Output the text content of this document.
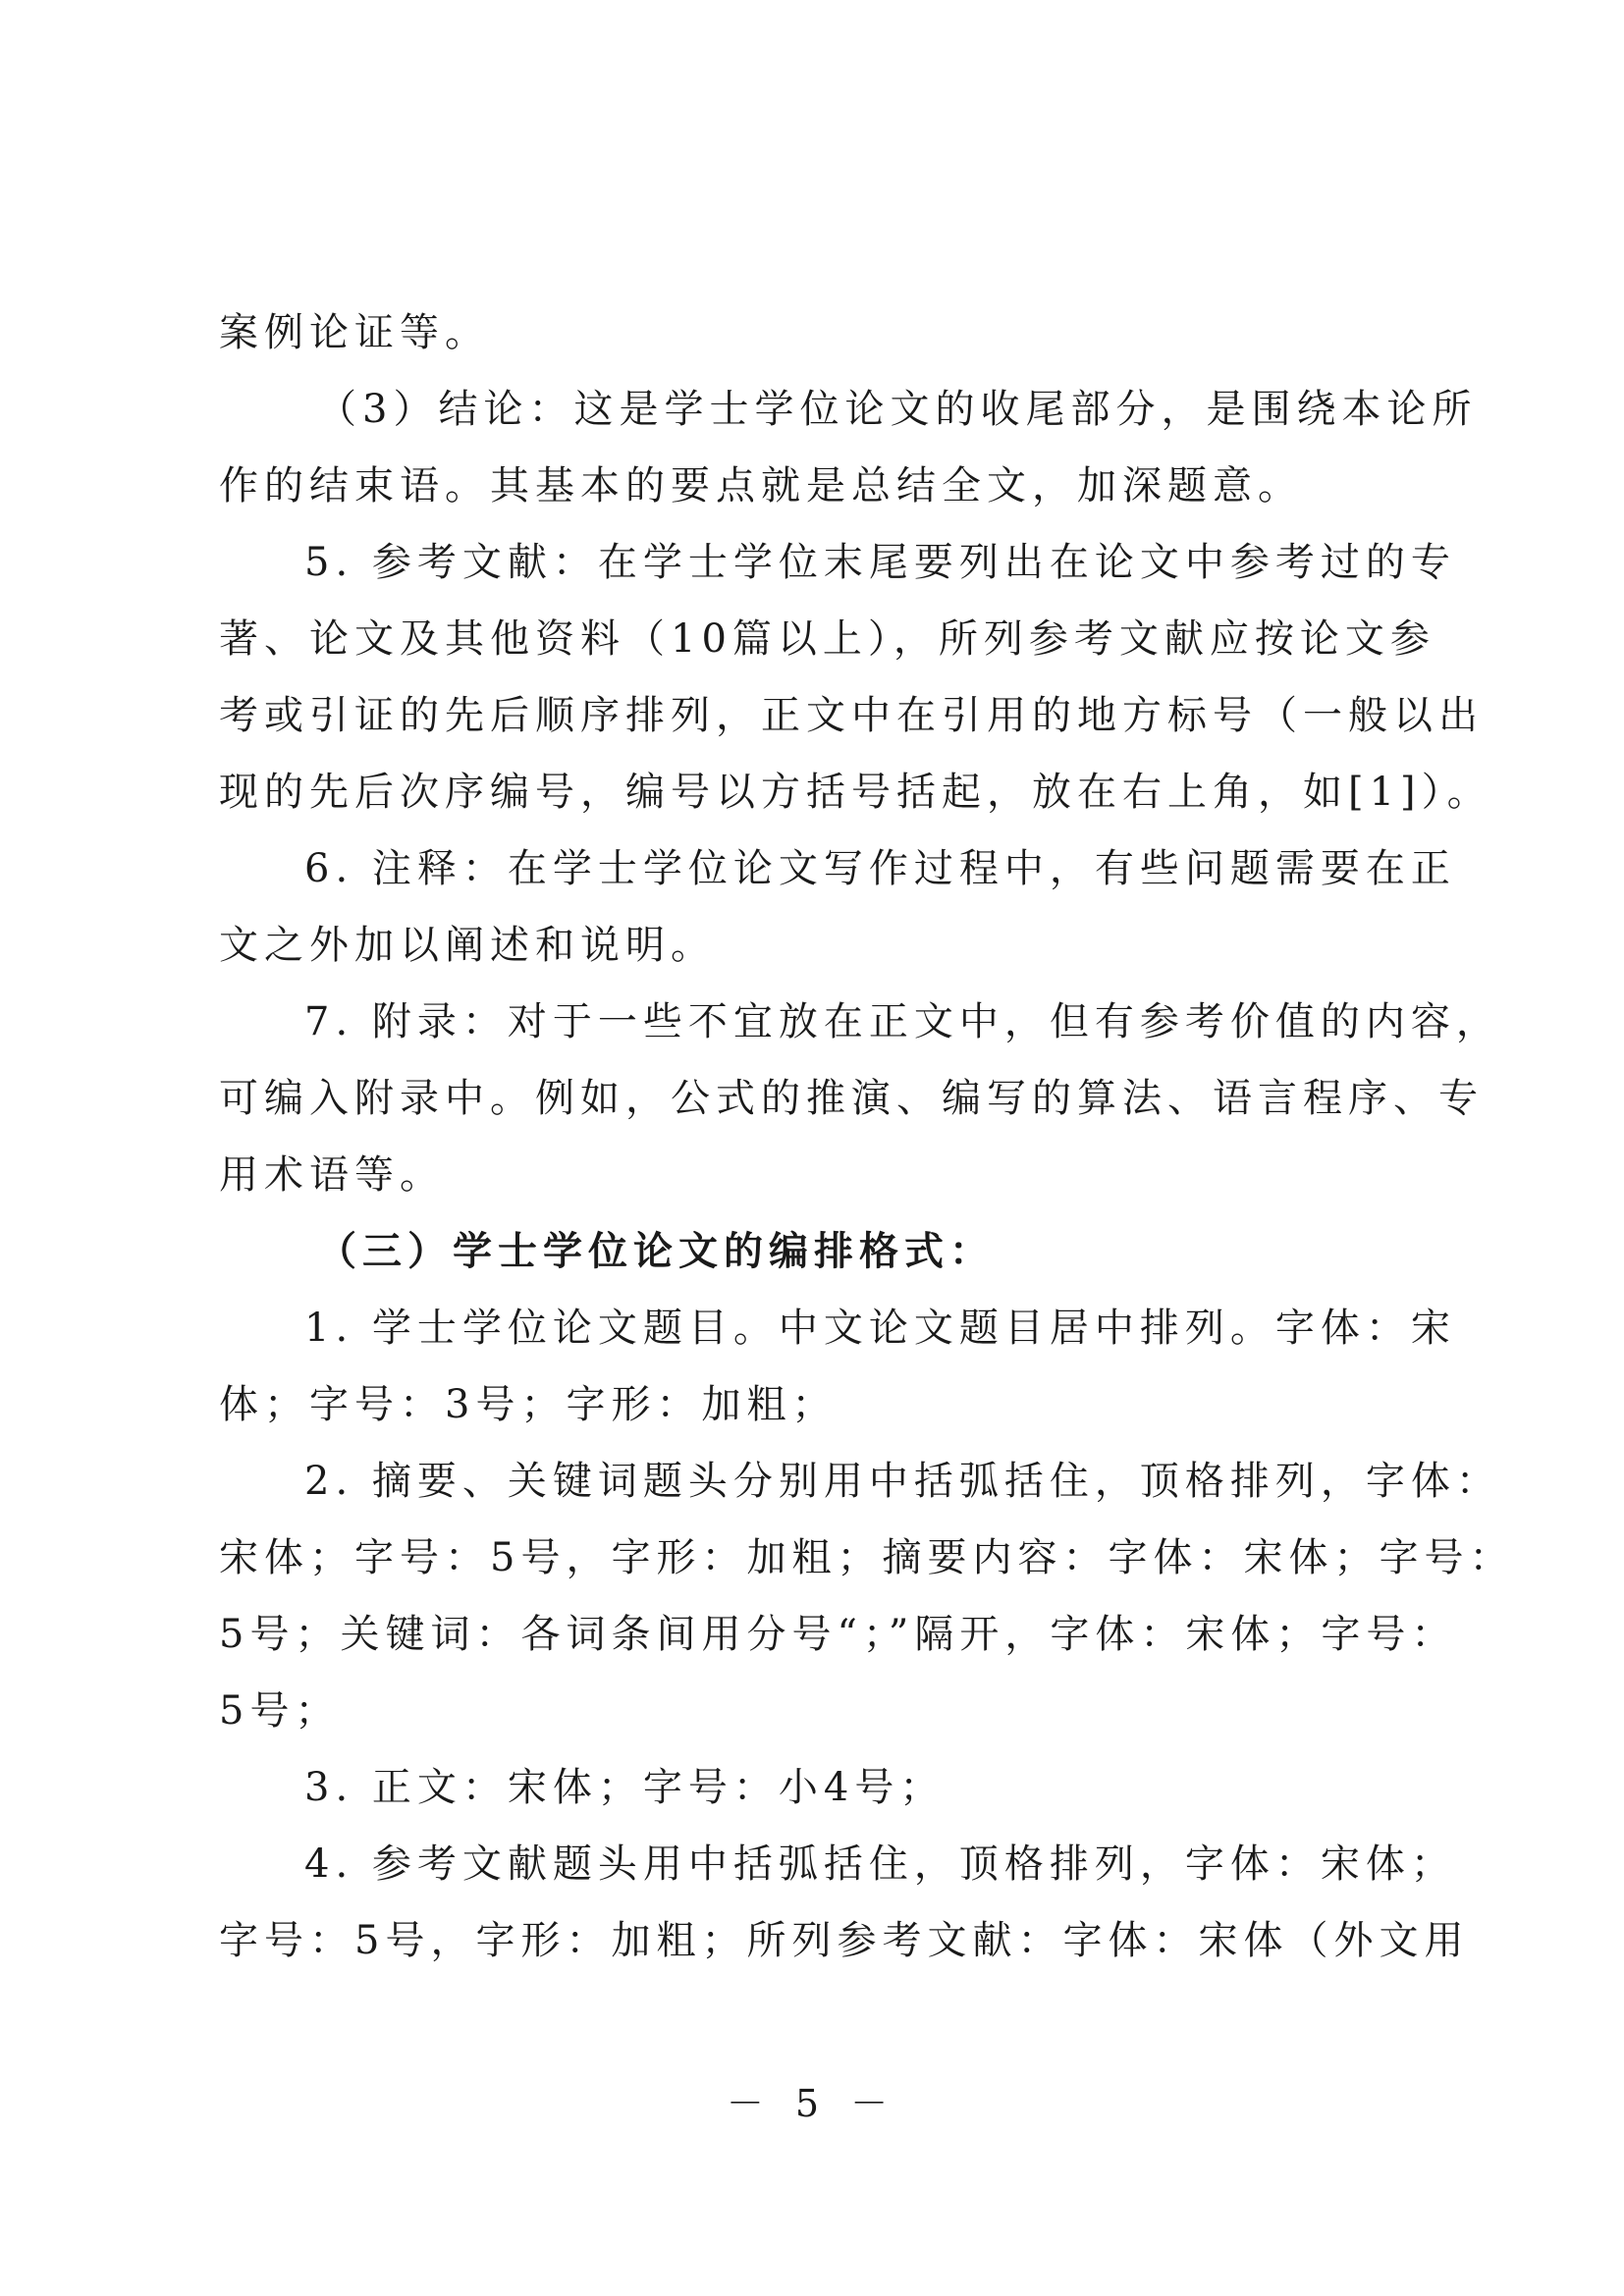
案例论证等。
（3）结论：这是学士学位论文的收尾部分，是围绕本论所
作的结束语。其基本的要点就是总结全文，加深题意。
5. 参考文献：在学士学位末尾要列出在论文中参考过的专
著、论文及其他资料（10篇以上），所列参考文献应按论文参
考或引证的先后顺序排列，正文中在引用的地方标号（一般以出
现的先后次序编号，编号以方括号括起，放在右上角，如[1]）。
6. 注释：在学士学位论文写作过程中，有些问题需要在正
文之外加以阐述和说明。
7. 附录：对于一些不宜放在正文中，但有参考价值的内容，
可编入附录中。例如，公式的推演、编写的算法、语言程序、专
用术语等。
（三）学士学位论文的编排格式：
1. 学士学位论文题目。中文论文题目居中排列。字体：宋
体；字号：3号；字形：加粗；
2. 摘要、关键词题头分别用中括弧括住，顶格排列，字体：
宋体；字号：5号，字形：加粗；摘要内容：字体：宋体；字号：
5号；关键词：各词条间用分号“；”隔开，字体：宋体；字号：
5号；
3. 正文：宋体；字号：小4号；
4. 参考文献题头用中括弧括住，顶格排列，字体：宋体；
字号：5号，字形：加粗；所列参考文献：字体：宋体（外文用
－ 5 －
